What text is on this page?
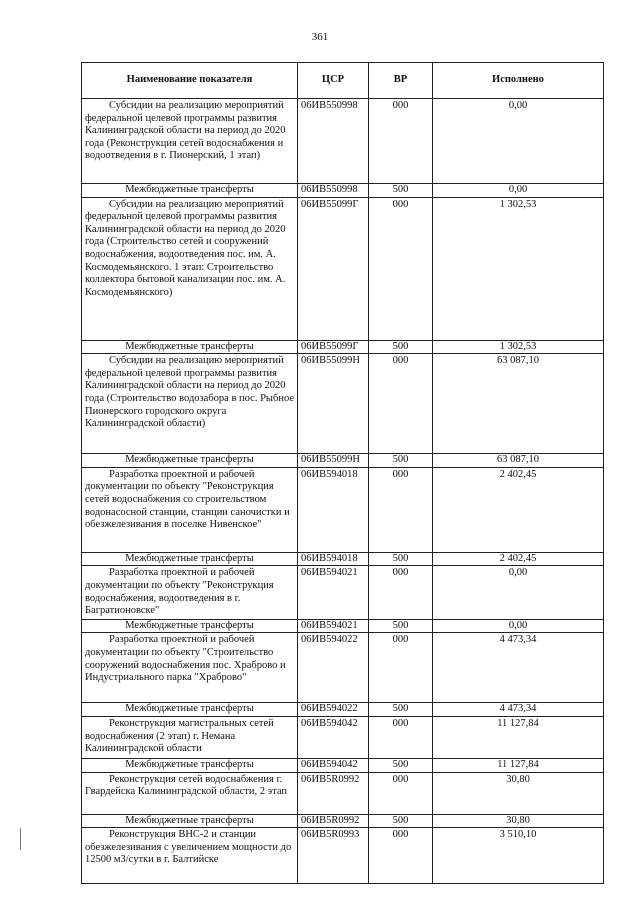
361
Наименование показателя	ЦСР	ВР	Исполнено

Субсидии на реализацию мероприятий федеральной целевой программы развития Калининградской области на период до 2020 года (Реконструкция сетей водоснабжения и водоотведения в г. Пионерский, 1 этап)	06ИВ550998	000	0,00
Межбюджетные трансферты	06ИВ550998	500	0,00

Субсидии на реализацию мероприятий федеральной целевой программы развития Калининградской области на период до 2020 года (Строительство сетей и сооружений водоснабжения, водоотведения пос. им. А. Космодемьянского. 1 этап: Строительство коллектора бытовой канализации пос. им. А. Космодемьянского)	06ИВ55099Г	000	1 302,53
Межбюджетные трансферты	06ИВ55099Г	500	1 302,53

Субсидии на реализацию мероприятий федеральной целевой программы развития Калининградской области на период до 2020 года (Строительство водозабора в пос. Рыбное Пионерского городского округа Калининградской области)	06ИВ55099Н	000	63 087,10
Межбюджетные трансферты	06ИВ55099Н	500	63 087,10

Разработка проектной и рабочей документации по объекту "Реконструкция сетей водоснабжения со строительством водонасосной станции, станции саночистки и обезжелезивания в поселке Нивенское"	06ИВ594018	000	2 402,45
Межбюджетные трансферты	06ИВ594018	500	2 402,45

Разработка проектной и рабочей документации по объекту "Реконструкция водоснабжения, водоотведения в г. Багратионовске"	06ИВ594021	000	0,00
Межбюджетные трансферты	06ИВ594021	500	0,00

Разработка проектной и рабочей документации по объекту "Строительство сооружений водоснабжения пос. Храброво и Индустриального парка "Храброво"	06ИВ594022	000	4 473,34
Межбюджетные трансферты	06ИВ594022	500	4 473,34

Реконструкция магистральных сетей водоснабжения (2 этап) г. Немана Калининградской области	06ИВ594042	000	11 127,84
Межбюджетные трансферты	06ИВ594042	500	11 127,84

Реконструкция сетей водоснабжения г. Гвардейска Калининградской области, 2 этап	06ИВ5R0992	000	30,80
Межбюджетные трансферты	06ИВ5R0992	500	30,80

Реконструкция ВНС-2 и станции обезжелезивания с увеличением мощности до 12500 м3/сутки в г. Балтийске	06ИВ5R0993	000	3 510,10
